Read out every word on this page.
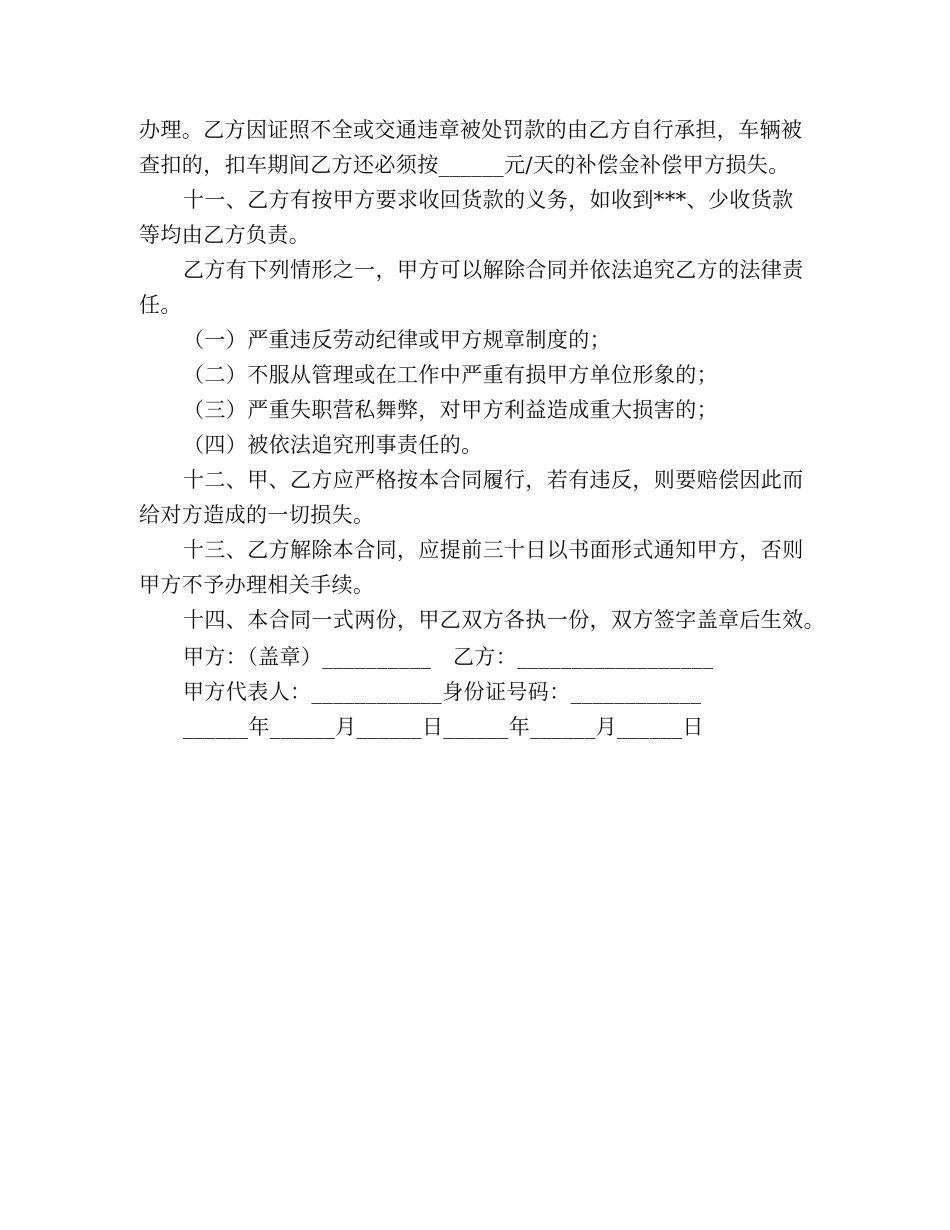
办理。乙方因证照不全或交通违章被处罚款的由乙方自行承担，车辆被

查扣的，扣车期间乙方还必须按______元/天的补偿金补偿甲方损失。

十一、乙方有按甲方要求收回货款的义务，如收到***、少收货款

等均由乙方负责。

乙方有下列情形之一，甲方可以解除合同并依法追究乙方的法律责

任。

（一）严重违反劳动纪律或甲方规章制度的；

（二）不服从管理或在工作中严重有损甲方单位形象的；

（三）严重失职营私舞弊，对甲方利益造成重大损害的；

（四）被依法追究刑事责任的。

十二、甲、乙方应严格按本合同履行，若有违反，则要赔偿因此而

给对方造成的一切损失。

十三、乙方解除本合同，应提前三十日以书面形式通知甲方，否则

甲方不予办理相关手续。

十四、本合同一式两份，甲乙双方各执一份，双方签字盖章后生效。

甲方：（盖章）__________ 乙方：__________________
甲方代表人：____________身份证号码：____________
______年______月______日______年______月______日
